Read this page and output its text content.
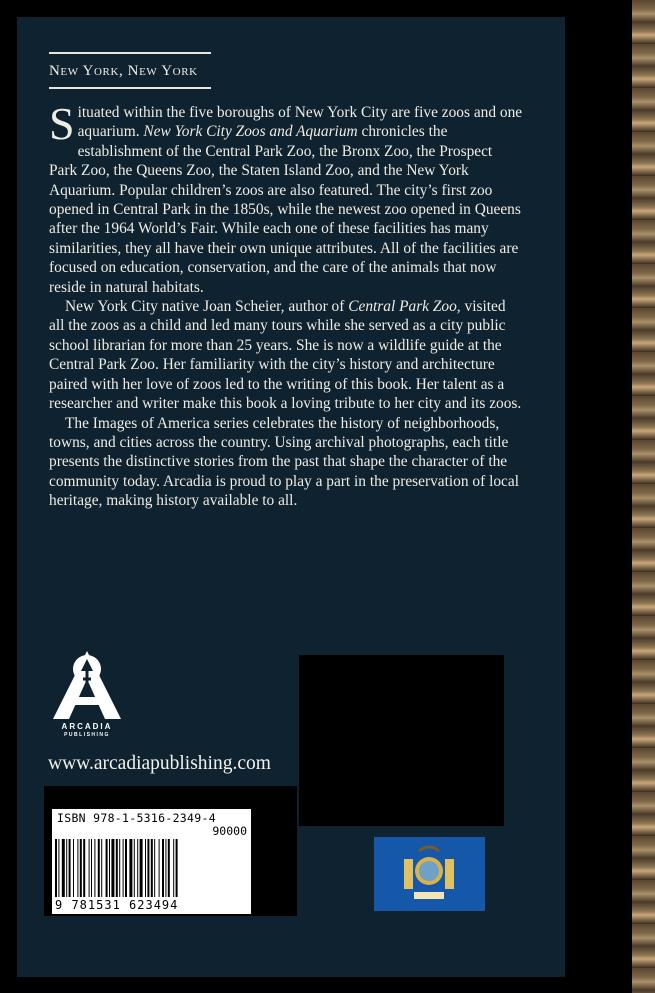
New York, New York

Situated within the five boroughs of New York City are five zoos and one aquarium. New York City Zoos and Aquarium chronicles the establishment of the Central Park Zoo, the Bronx Zoo, the Prospect Park Zoo, the Queens Zoo, the Staten Island Zoo, and the New York Aquarium. Popular children’s zoos are also featured. The city’s first zoo opened in Central Park in the 1850s, while the newest zoo opened in Queens after the 1964 World’s Fair. While each one of these facilities has many similarities, they all have their own unique attributes. All of the facilities are focused on education, conservation, and the care of the animals that now reside in natural habitats.

New York City native Joan Scheier, author of Central Park Zoo, visited all the zoos as a child and led many tours while she served as a city public school librarian for more than 25 years. She is now a wildlife guide at the Central Park Zoo. Her familiarity with the city’s history and architecture paired with her love of zoos led to the writing of this book. Her talent as a researcher and writer make this book a loving tribute to her city and its zoos.

The Images of America series celebrates the history of neighborhoods, towns, and cities across the country. Using archival photographs, each title presents the distinctive stories from the past that shape the character of the community today. Arcadia is proud to play a part in the preservation of local heritage, making history available to all.

ARCADIA
PUBLISHING
www.arcadiapublishing.com
ISBN 978-1-5316-2349-4
90000
9 781531 623494
